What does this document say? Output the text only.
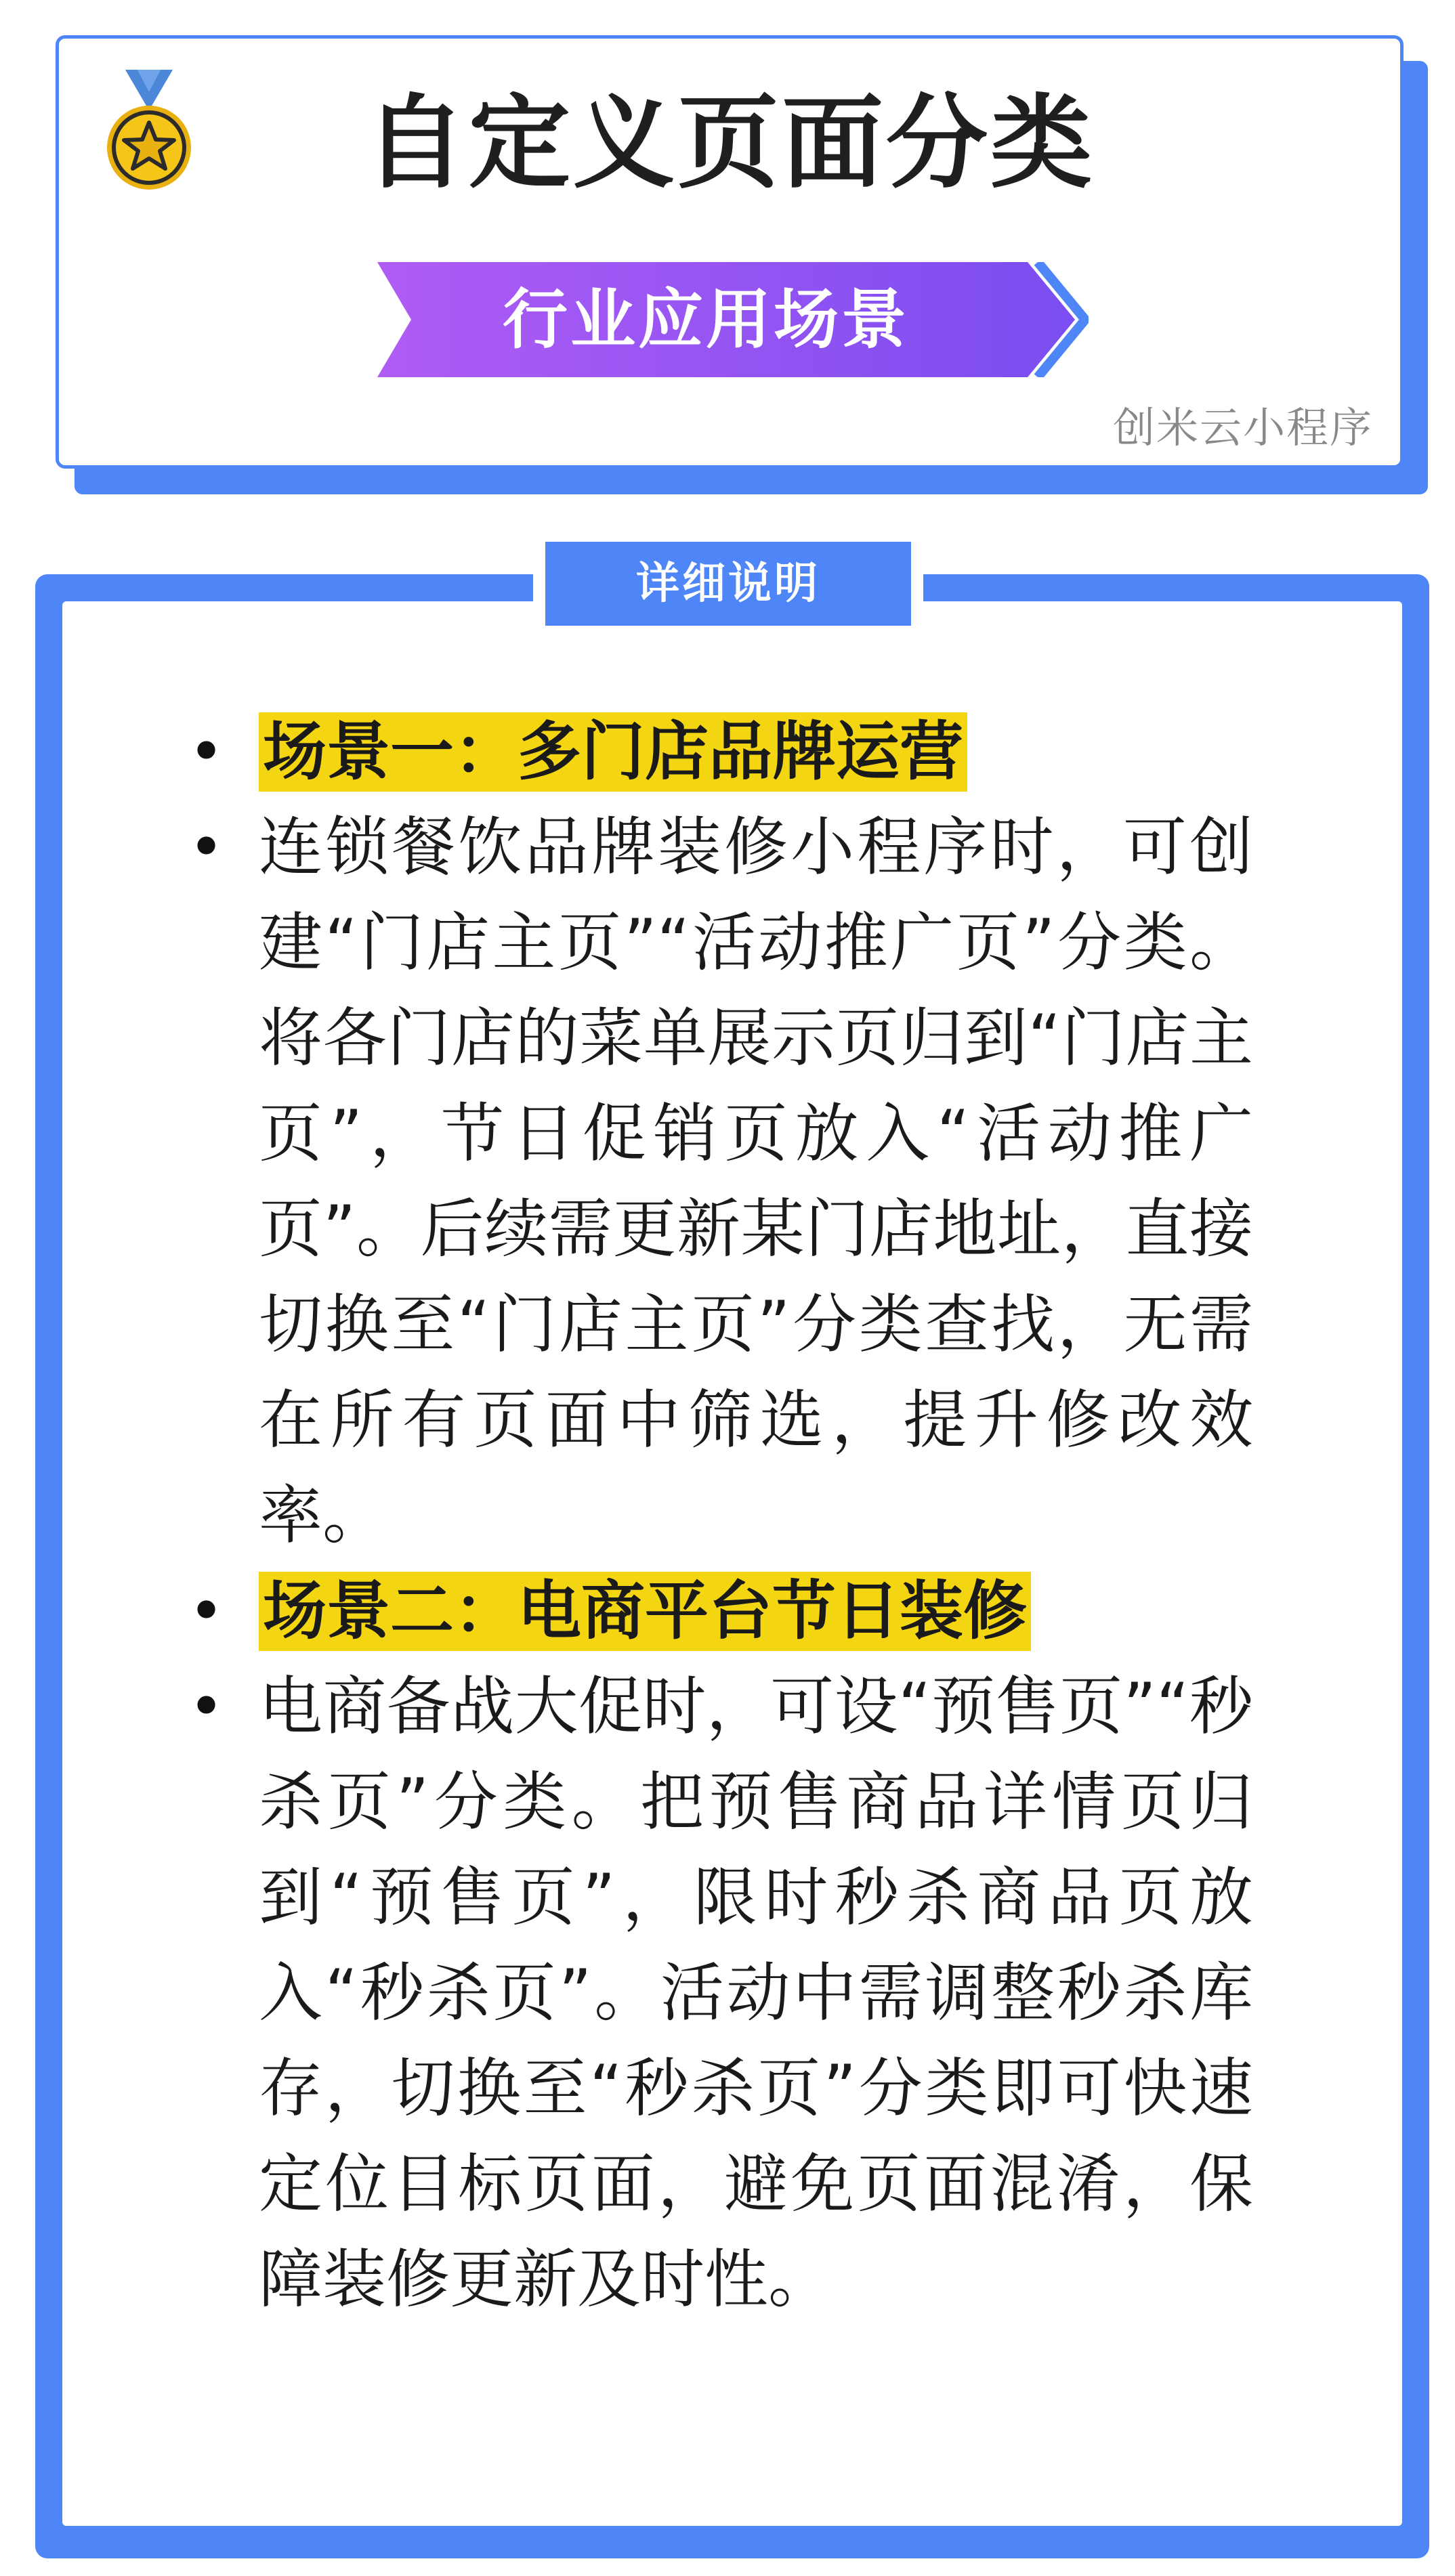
自定义页面分类
行业应用场景
创米云小程序
详细说明
• 场景一：多门店品牌运营
• 连锁餐饮品牌装修小程序时，可创建“门店主页”“活动推广页”分类。将各门店的菜单展示页归到“门店主页”，节日促销页放入“活动推广页”。后续需更新某门店地址，直接切换至“门店主页”分类查找，无需在所有页面中筛选，提升修改效率。
• 场景二：电商平台节日装修
• 电商备战大促时，可设“预售页”“秒杀页”分类。把预售商品详情页归到“预售页”，限时秒杀商品页放入“秒杀页”。活动中需调整秒杀库存，切换至“秒杀页”分类即可快速定位目标页面，避免页面混淆，保障装修更新及时性。
